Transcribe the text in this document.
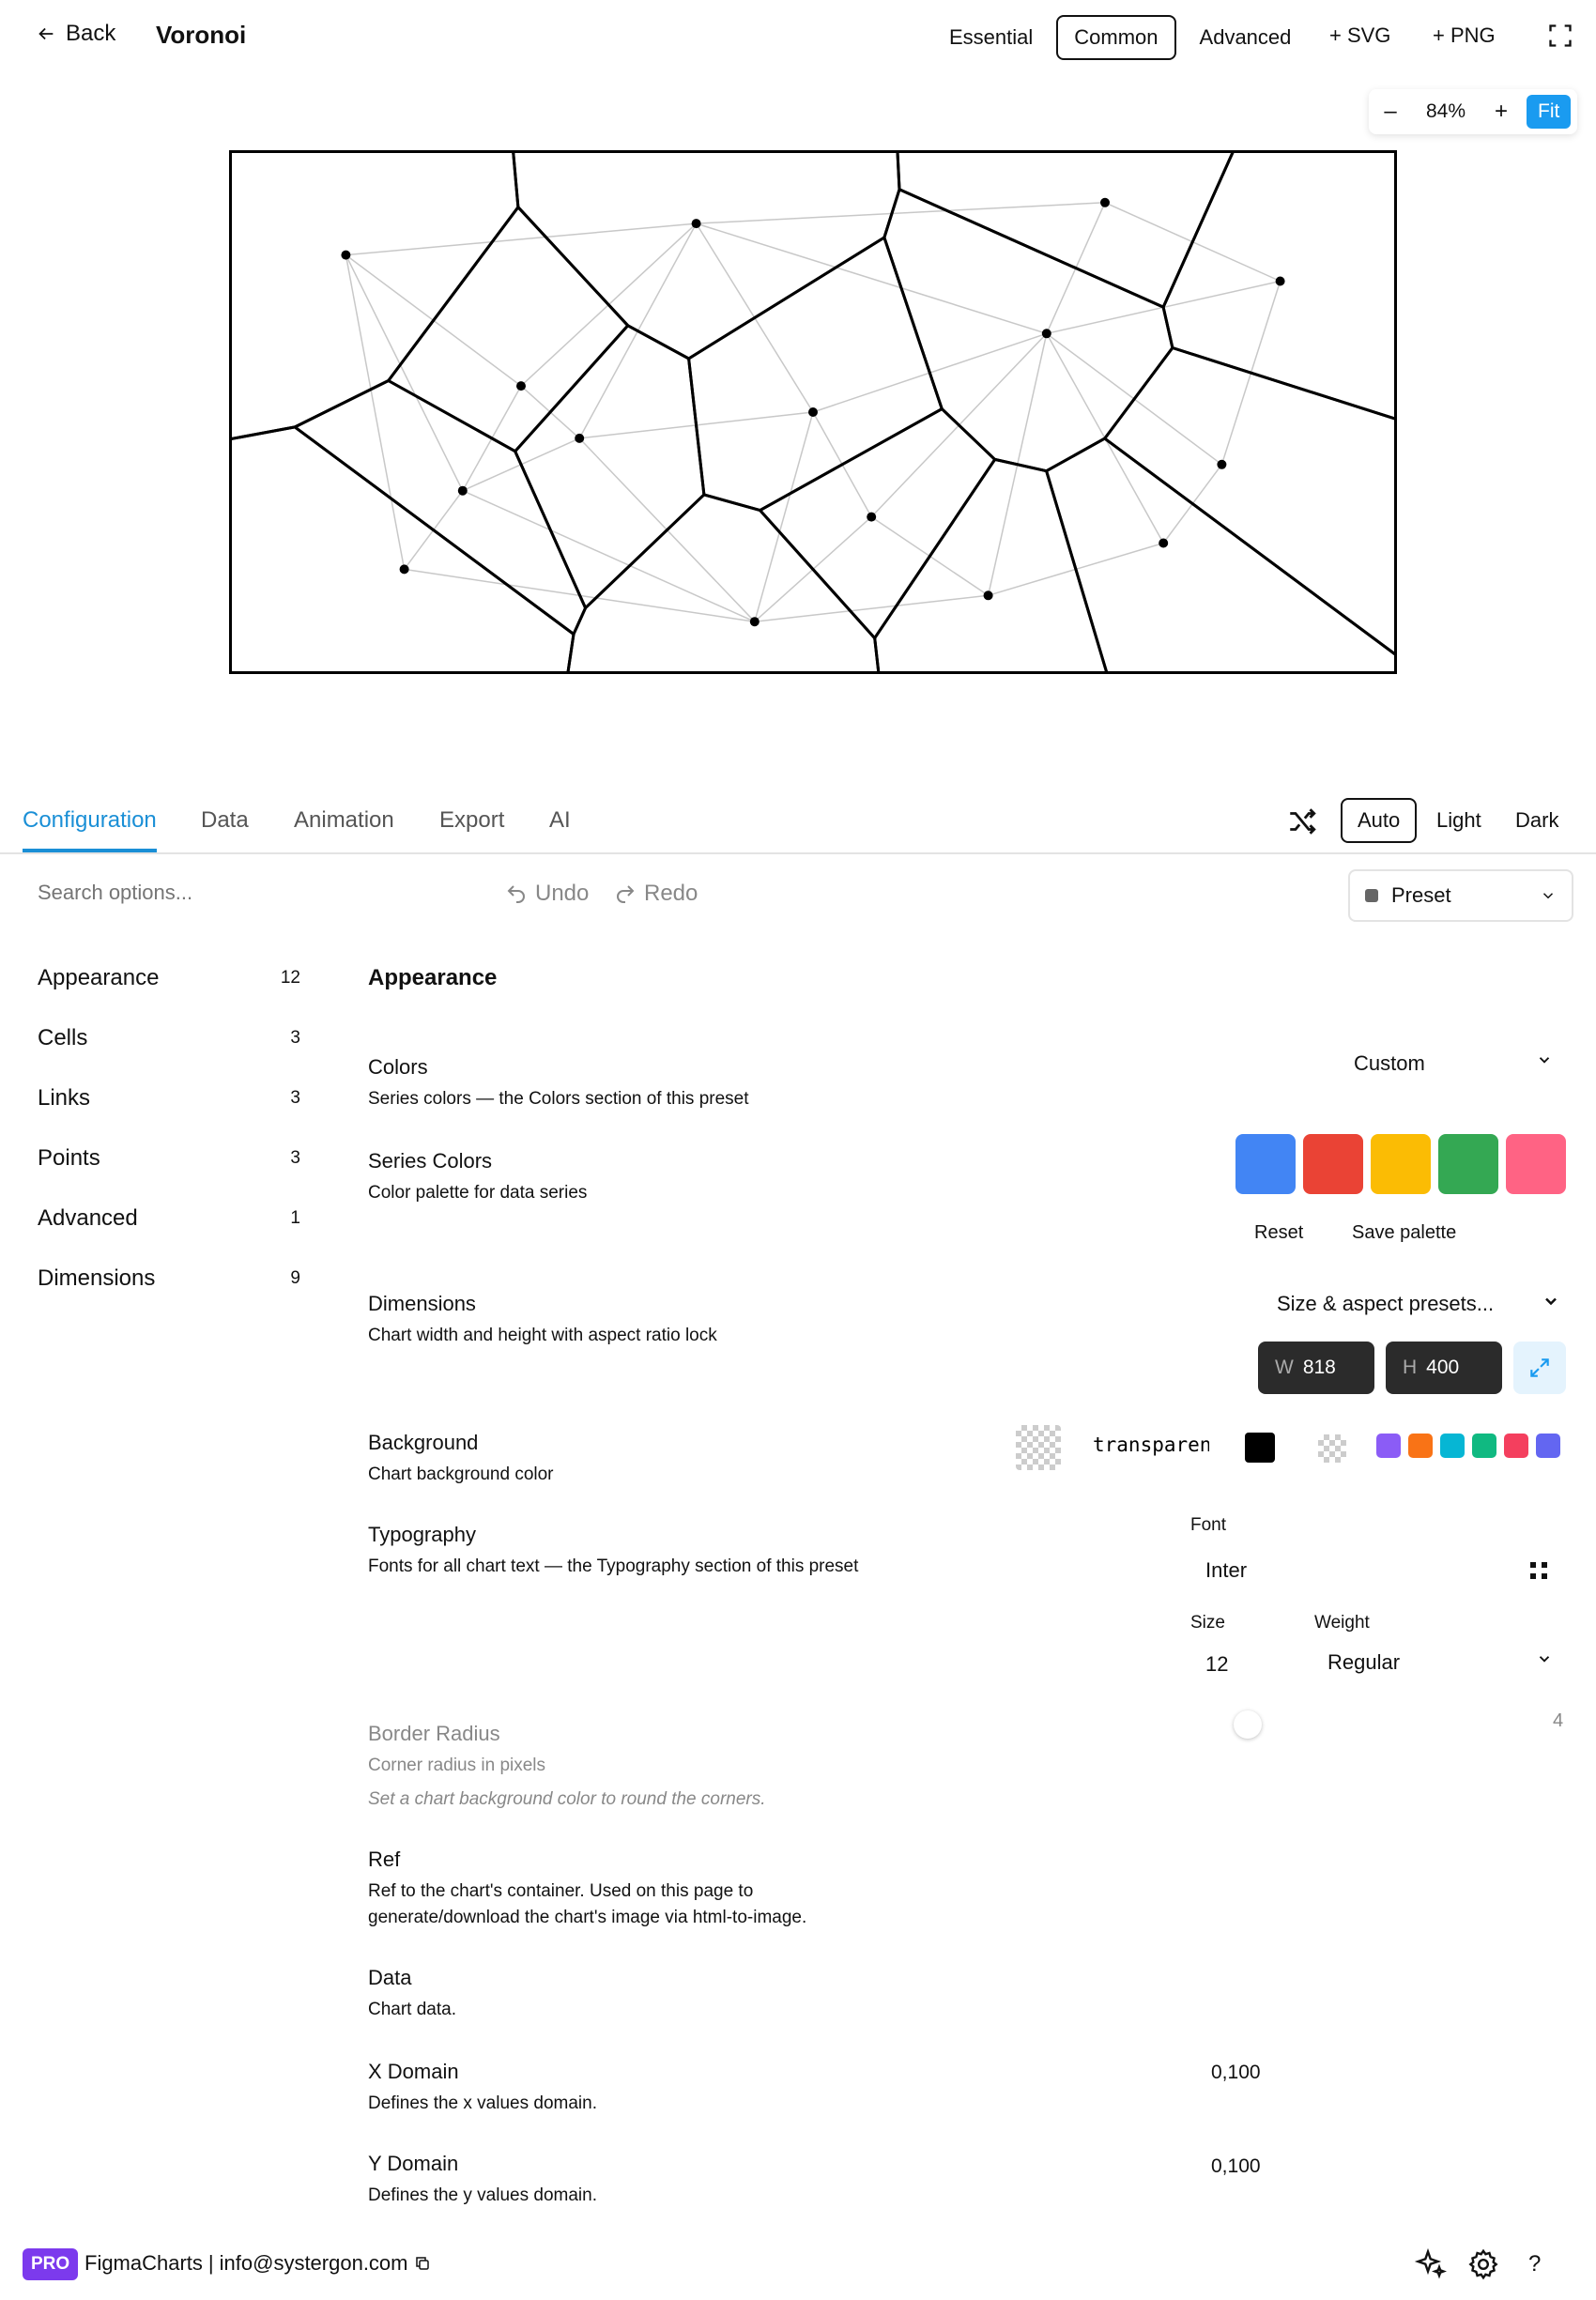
Back Voronoi	Essential	Common	Advanced	+ SVG + PNG
–	84%	+	Fit
Configuration Data Animation Export AI	Auto	Light	Dark
Search options...
Undo Redo	Preset
Appearance	12
Cells	3
Links	3
Points	3
Advanced	1
Dimensions	9
Appearance
Colors
Series colors — the Colors section of this preset
Custom
Series Colors
Color palette for data series
Reset	Save palette
Dimensions
Chart width and height with aspect ratio lock
Size & aspect presets...
W 818	H 400
Background
Chart background color
transparent
Typography
Fonts for all chart text — the Typography section of this preset
Font
Inter
Size
12
Weight
Regular
Border Radius
Corner radius in pixels
Set a chart background color to round the corners.
4
Ref
Ref to the chart's container. Used on this page to
generate/download the chart's image via html-to-image.
Data
Chart data.
X Domain
Defines the x values domain.
0,100
Y Domain
Defines the y values domain.
0,100
PRO FigmaCharts | info@systergon.com	?
